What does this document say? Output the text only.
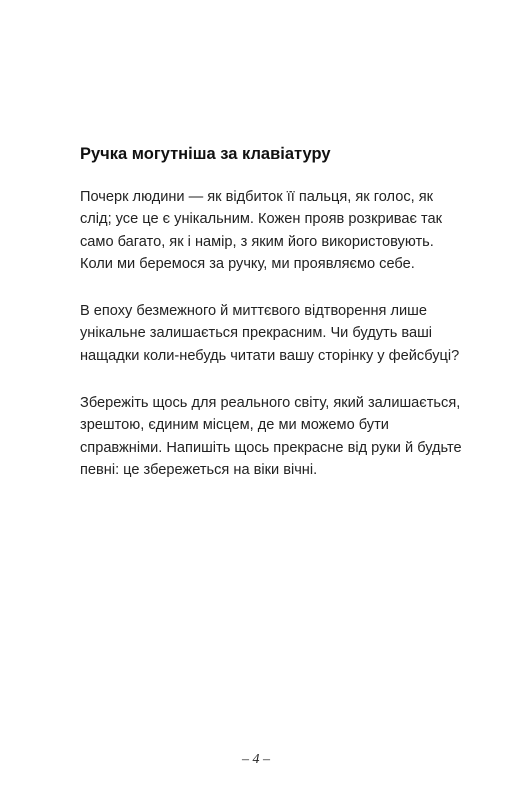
Ручка могутніша за клавіатуру

Почерк людини — як відбиток її пальця, як голос, як
слід; усе це є унікальним. Кожен прояв розкриває так
само багато, як і намір, з яким його використовують.
Коли ми беремося за ручку, ми проявляємо себе.

В епоху безмежного й миттєвого відтворення лише
унікальне залишається прекрасним. Чи будуть ваші
нащадки коли-небудь читати вашу сторінку у фейсбуці?

Збережіть щось для реального світу, який залишається,
зрештою, єдиним місцем, де ми можемо бути
справжніми. Напишіть щось прекрасне від руки й будьте
певні: це збережеться на віки вічні.

– 4 –
